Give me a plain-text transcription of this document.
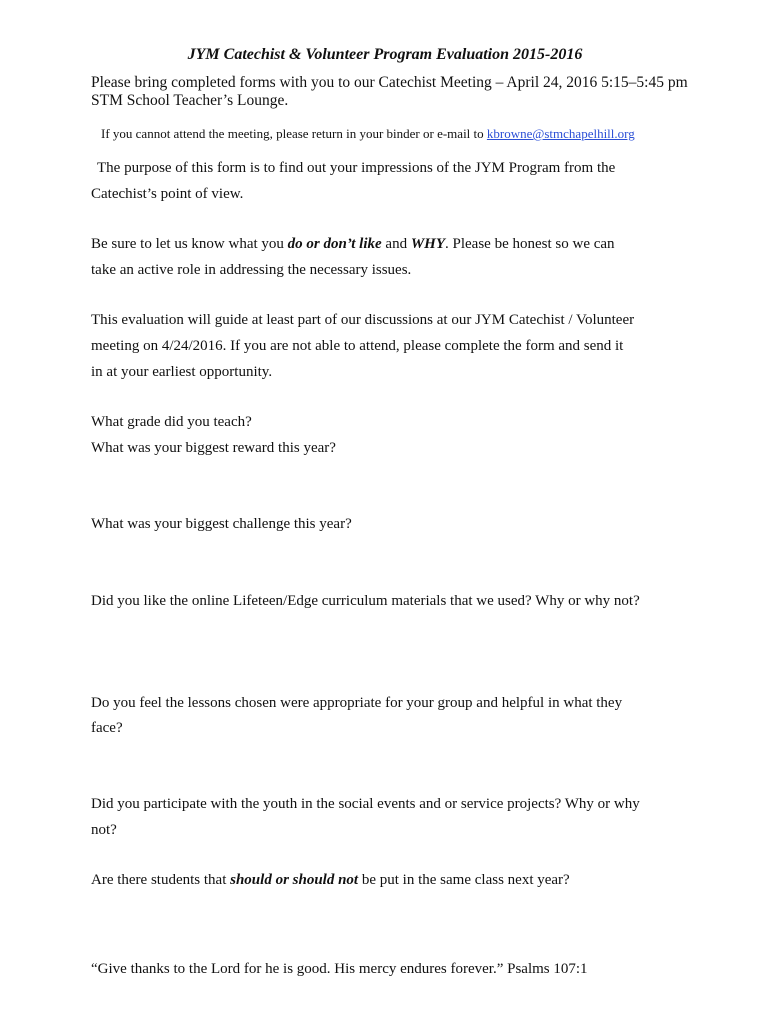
JYM Catechist & Volunteer Program Evaluation 2015-2016
Please bring completed forms with you to our Catechist Meeting – April 24, 2016 5:15–5:45 pm
STM School Teacher’s Lounge.
If you cannot attend the meeting, please return in your binder or e-mail to kbrowne@stmchapelhill.org
The purpose of this form is to find out your impressions of the JYM Program from the
Catechist’s point of view.
Be sure to let us know what you do or don’t like and WHY. Please be honest so we can
take an active role in addressing the necessary issues.
This evaluation will guide at least part of our discussions at our JYM Catechist / Volunteer
meeting on 4/24/2016. If you are not able to attend, please complete the form and send it
in at your earliest opportunity.
What grade did you teach?
What was your biggest reward this year?
What was your biggest challenge this year?
Did you like the online Lifeteen/Edge curriculum materials that we used? Why or why not?
Do you feel the lessons chosen were appropriate for your group and helpful in what they
face?
Did you participate with the youth in the social events and or service projects? Why or why
not?
Are there students that should or should not be put in the same class next year?
“Give thanks to the Lord for he is good. His mercy endures forever.” Psalms 107:1
